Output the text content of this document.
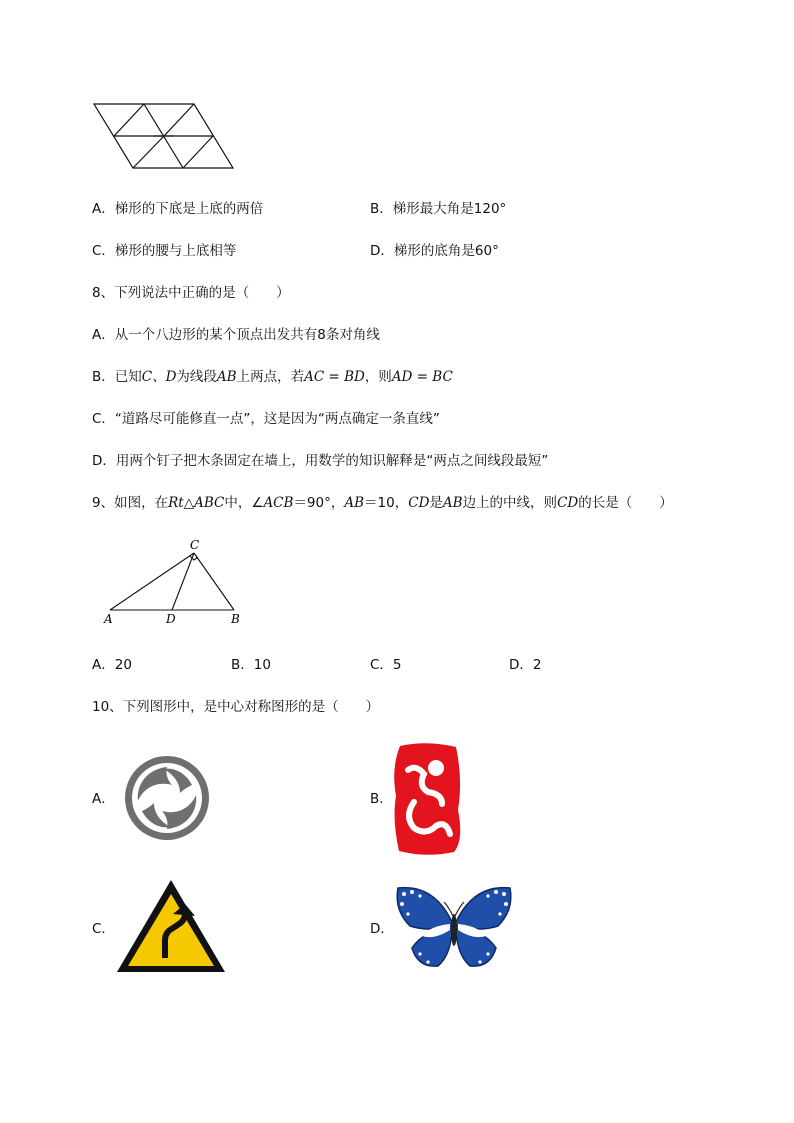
A．梯形的下底是上底的两倍	B．梯形最大角是120°
C．梯形的腰与上底相等	D．梯形的底角是60°
8、下列说法中正确的是（　　）
A．从一个八边形的某个顶点出发共有8条对角线
B．已知C、D为线段AB上两点，若AC = BD，则AD = BC
C．“道路尽可能修直一点”，这是因为“两点确定一条直线”
D．用两个钉子把木条固定在墙上，用数学的知识解释是“两点之间线段最短”
9、如图，在Rt△ABC中，∠ACB＝90°，AB＝10，CD是AB边上的中线，则CD的长是（　　）
C
A	D	B
A．20	B．10	C．5	D．2
10、下列图形中，是中心对称图形的是（　　）
A．	B．
C．	D．
